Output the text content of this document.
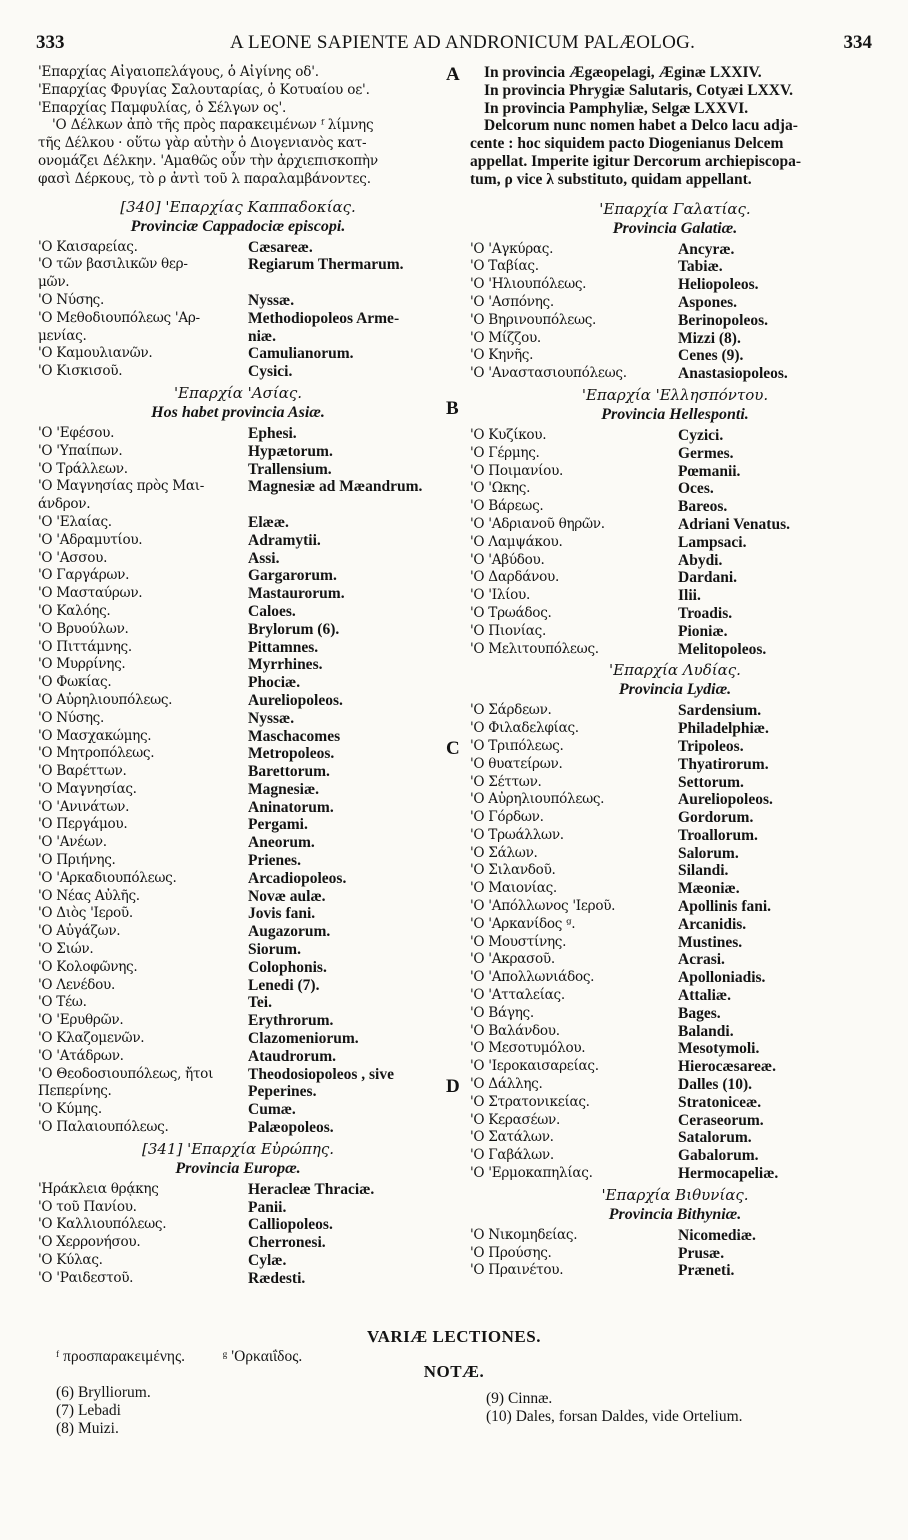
333	A LEONE SAPIENTE AD ANDRONICUM PALÆOLOG.	334
A
B
C
D
'Επαρχίας Αἰγαιοπελάγους, ὁ Αἰγίνης οδ'.
'Επαρχίας Φρυγίας Σαλουταρίας, ὁ Κοτυαίου οε'.
'Επαρχίας Παμφυλίας, ὁ Σέλγων ος'.
'Ο Δέλκων ἀπὸ τῆς πρὸς παρακειμένων ᶠ λίμνης
τῆς Δέλκου · οὕτω γὰρ αὐτὴν ὁ Διογενιανὸς κατ-
ονομάζει Δέλκην. 'Αμαθῶς οὖν τὴν ἀρχιεπισκοπὴν
φασὶ Δέρκους, τὸ ρ ἀντὶ τοῦ λ παραλαμβάνοντες.
[340] 'Επαρχίας Καππαδοκίας.
Provinciæ Cappadociæ episcopi.
'Ο Καισαρείας.	Cæsareæ.
'Ο τῶν βασιλικῶν θερ-	Regiarum Thermarum.
μῶν.
'Ο Νύσης.	Nyssæ.
'Ο Μεθοδιουπόλεως 'Αρ-	Methodiopoleos Arme-
μενίας.	niæ.
'Ο Καμουλιανῶν.	Camulianorum.
'Ο Κισκισοῦ.	Cysici.
'Επαρχία 'Ασίας.
Hos habet provincia Asiæ.
'Ο 'Εφέσου.	Ephesi.
'Ο 'Υπαίπων.	Hypætorum.
'Ο Τράλλεων.	Trallensium.
'Ο Μαγνησίας πρὸς Μαι-	Magnesiæ ad Mæandrum.
άνδρον.
'Ο 'Ελαίας.	Elææ.
'Ο 'Αδραμυτίου.	Adramytii.
'Ο 'Ασσου.	Assi.
'Ο Γαργάρων.	Gargarorum.
'Ο Μασταύρων.	Mastaurorum.
'Ο Καλόης.	Caloes.
'Ο Βρυούλων.	Brylorum (6).
'Ο Πιττάμνης.	Pittamnes.
'Ο Μυρρίνης.	Myrrhines.
'Ο Φωκίας.	Phociæ.
'Ο Αὐρηλιουπόλεως.	Aureliopoleos.
'Ο Νύσης.	Nyssæ.
'Ο Μασχακώμης.	Maschacomes
'Ο Μητροπόλεως.	Metropoleos.
'Ο Βαρέττων.	Barettorum.
'Ο Μαγνησίας.	Magnesiæ.
'Ο 'Ανινάτων.	Aninatorum.
'Ο Περγάμου.	Pergami.
'Ο 'Ανέων.	Aneorum.
'Ο Πριήνης.	Prienes.
'Ο 'Αρκαδιουπόλεως.	Arcadiopoleos.
'Ο Νέας Αὐλῆς.	Novæ aulæ.
'Ο Διὸς 'Ιεροῦ.	Jovis fani.
'Ο Αὐγάζων.	Augazorum.
'Ο Σιών.	Siorum.
'Ο Κολοφῶνης.	Colophonis.
'Ο Λενέδου.	Lenedi (7).
'Ο Τέω.	Tei.
'Ο 'Ερυθρῶν.	Erythrorum.
'Ο Κλαζομενῶν.	Clazomeniorum.
'Ο 'Ατάδρων.	Ataudrorum.
'Ο Θεοδοσιουπόλεως, ἤτοι	Theodosiopoleos , sive
Πεπερίνης.	Peperines.
'Ο Κύμης.	Cumæ.
'Ο Παλαιουπόλεως.	Palæopoleos.
[341] 'Επαρχία Εὐρώπης.
Provincia Europæ.
'Ηράκλεια θρᾴκης	Heracleæ Thraciæ.
'Ο τοῦ Πανίου.	Panii.
'Ο Καλλιουπόλεως.	Calliopoleos.
'Ο Χερρονήσου.	Cherronesi.
'Ο Κύλας.	Cylæ.
'Ο 'Ραιδεστοῦ.	Rædesti.
In provincia Ægæopelagi, Æginæ LXXIV.
In provincia Phrygiæ Salutaris, Cotyæi LXXV.
In provincia Pamphyliæ, Selgæ LXXVI.
Delcorum nunc nomen habet a Delco lacu adja-
cente : hoc siquidem pacto Diogenianus Delcem
appellat. Imperite igitur Dercorum archiepiscopa-
tum, ρ vice λ substituto, quidam appellant.
'Επαρχία Γαλατίας.
Provincia Galatiæ.
'Ο 'Αγκύρας.	Ancyræ.
'Ο Ταβίας.	Tabiæ.
'Ο 'Ηλιουπόλεως.	Heliopoleos.
'Ο 'Ασπόνης.	Aspones.
'Ο Βηρινουπόλεως.	Berinopoleos.
'Ο Μίζζου.	Mizzi (8).
'Ο Κηνῆς.	Cenes (9).
'Ο 'Αναστασιουπόλεως.	Anastasiopoleos.
'Επαρχία 'Ελλησπόντου.
Provincia Hellesponti.
'Ο Κυζίκου.	Cyzici.
'Ο Γέρμης.	Germes.
'Ο Ποιμανίου.	Pœmanii.
'Ο 'Ωκης.	Oces.
'Ο Βάρεως.	Bareos.
'Ο 'Αδριανοῦ θηρῶν.	Adriani Venatus.
'Ο Λαμψάκου.	Lampsaci.
'Ο 'Αβύδου.	Abydi.
'Ο Δαρδάνου.	Dardani.
'Ο 'Ιλίου.	Ilii.
'Ο Τρωάδος.	Troadis.
'Ο Πιονίας.	Pioniæ.
'Ο Μελιτουπόλεως.	Melitopoleos.
'Επαρχία Λυδίας.
Provincia Lydiæ.
'Ο Σάρδεων.	Sardensium.
'Ο Φιλαδελφίας.	Philadelphiæ.
'Ο Τριπόλεως.	Tripoleos.
'Ο θυατείρων.	Thyatirorum.
'Ο Σέττων.	Settorum.
'Ο Αὐρηλιουπόλεως.	Aureliopoleos.
'Ο Γόρδων.	Gordorum.
'Ο Τρωάλλων.	Troallorum.
'Ο Σάλων.	Salorum.
'Ο Σιλανδοῦ.	Silandi.
'Ο Μαιονίας.	Mæoniæ.
'Ο 'Απόλλωνος 'Ιεροῦ.	Apollinis fani.
'Ο 'Αρκανίδος ᵍ.	Arcanidis.
'Ο Μουστίνης.	Mustines.
'Ο 'Ακρασοῦ.	Acrasi.
'Ο 'Απολλωνιάδος.	Apolloniadis.
'Ο 'Ατταλείας.	Attaliæ.
'Ο Βάγης.	Bages.
'Ο Βαλάνδου.	Balandi.
'Ο Μεσοτυμόλου.	Mesotymoli.
'Ο 'Ιεροκαισαρείας.	Hierocæsareæ.
'Ο Δάλλης.	Dalles (10).
'Ο Στρατονικείας.	Stratoniceæ.
'Ο Κερασέων.	Ceraseorum.
'Ο Σατάλων.	Satalorum.
'Ο Γαβάλων.	Gabalorum.
'Ο 'Ερμοκαπηλίας.	Hermocapeliæ.
'Επαρχία Βιθυνίας.
Provincia Bithyniæ.
'Ο Νικομηδείας.	Nicomediæ.
'Ο Προύσης.	Prusæ.
'Ο Πραινέτου.	Præneti.
VARIÆ LECTIONES.
ᶠ προσπαρακειμένης. ᵍ 'Ορκαιΐδος.
NOTÆ.
(6) Brylliorum.
(7) Lebadi
(8) Muizi.
(9) Cinnæ.
(10) Dales, forsan Daldes, vide Ortelium.
